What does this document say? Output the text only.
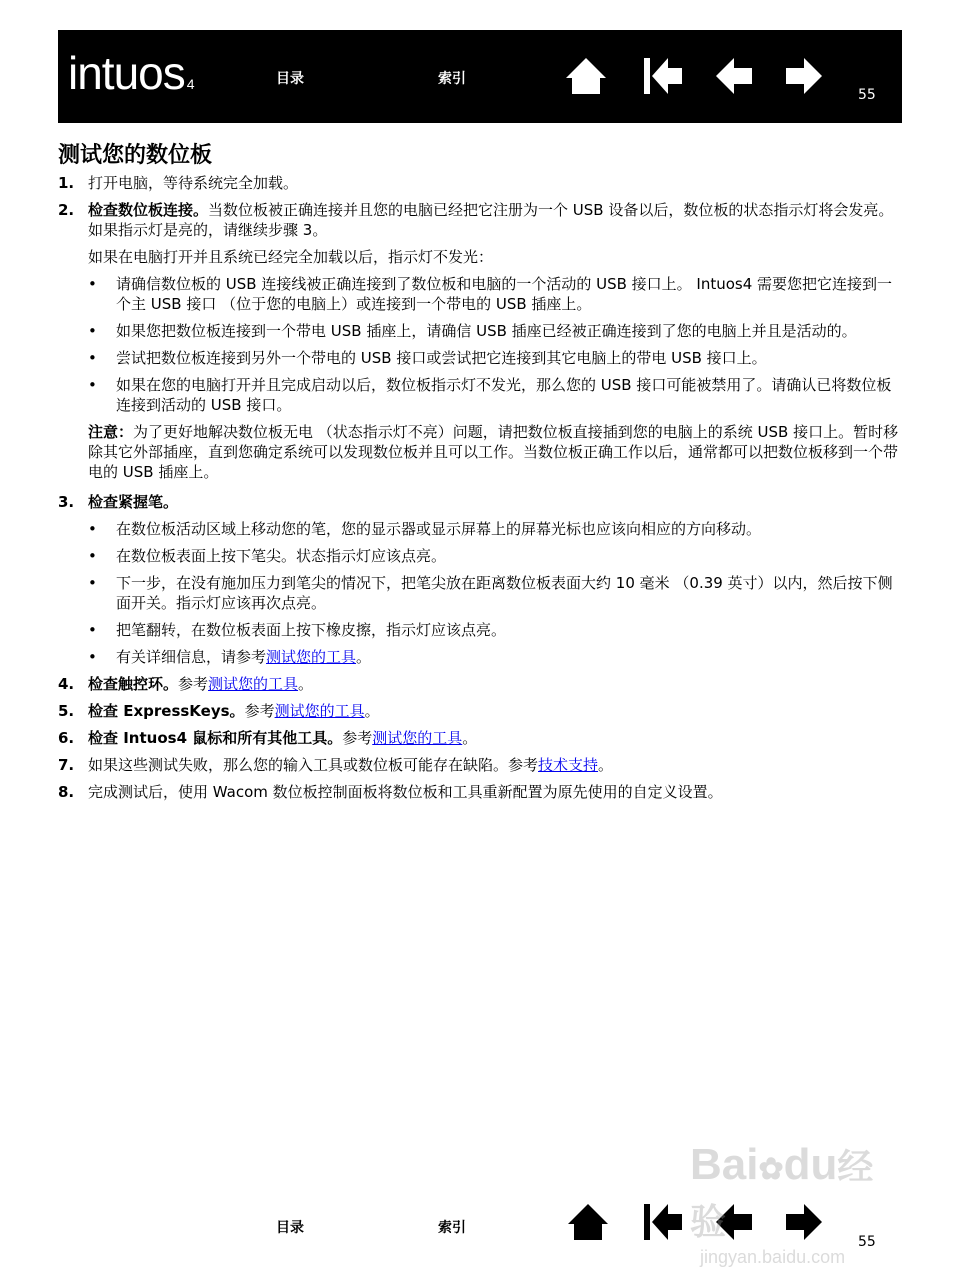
intuos 4	目录	索引
55
测试您的数位板
1. 打开电脑，等待系统完全加载。
2. 检查数位板连接。当数位板被正确连接并且您的电脑已经把它注册为一个 USB 设备以后，数位板的状态指示灯将会发亮。如果指示灯是亮的，请继续步骤 3。
如果在电脑打开并且系统已经完全加载以后，指示灯不发光：
• 请确信数位板的 USB 连接线被正确连接到了数位板和电脑的一个活动的 USB 接口上。 Intuos4 需要您把它连接到一个主 USB 接口 （位于您的电脑上）或连接到一个带电的 USB 插座上。
• 如果您把数位板连接到一个带电 USB 插座上，请确信 USB 插座已经被正确连接到了您的电脑上并且是活动的。
• 尝试把数位板连接到另外一个带电的 USB 接口或尝试把它连接到其它电脑上的带电 USB 接口上。
• 如果在您的电脑打开并且完成启动以后，数位板指示灯不发光，那么您的 USB 接口可能被禁用了。请确认已将数位板连接到活动的 USB 接口。
注意：为了更好地解决数位板无电 （状态指示灯不亮）问题，请把数位板直接插到您的电脑上的系统 USB 接口上。暂时移除其它外部插座，直到您确定系统可以发现数位板并且可以工作。当数位板正确工作以后，通常都可以把数位板移到一个带电的 USB 插座上。
3. 检查紧握笔。
• 在数位板活动区域上移动您的笔，您的显示器或显示屏幕上的屏幕光标也应该向相应的方向移动。
• 在数位板表面上按下笔尖。状态指示灯应该点亮。
• 下一步，在没有施加压力到笔尖的情况下，把笔尖放在距离数位板表面大约 10 毫米 （0.39 英寸）以内，然后按下侧面开关。指示灯应该再次点亮。
• 把笔翻转，在数位板表面上按下橡皮擦，指示灯应该点亮。
• 有关详细信息，请参考测试您的工具。
4. 检查触控环。参考测试您的工具。
5. 检查 ExpressKeys。参考测试您的工具。
6. 检查 Intuos4 鼠标和所有其他工具。参考测试您的工具。
7. 如果这些测试失败，那么您的输入工具或数位板可能存在缺陷。参考技术支持。
8. 完成测试后，使用 Wacom 数位板控制面板将数位板和工具重新配置为原先使用的自定义设置。
目录	索引
55
Bai✿du经验
jingyan.baidu.com
